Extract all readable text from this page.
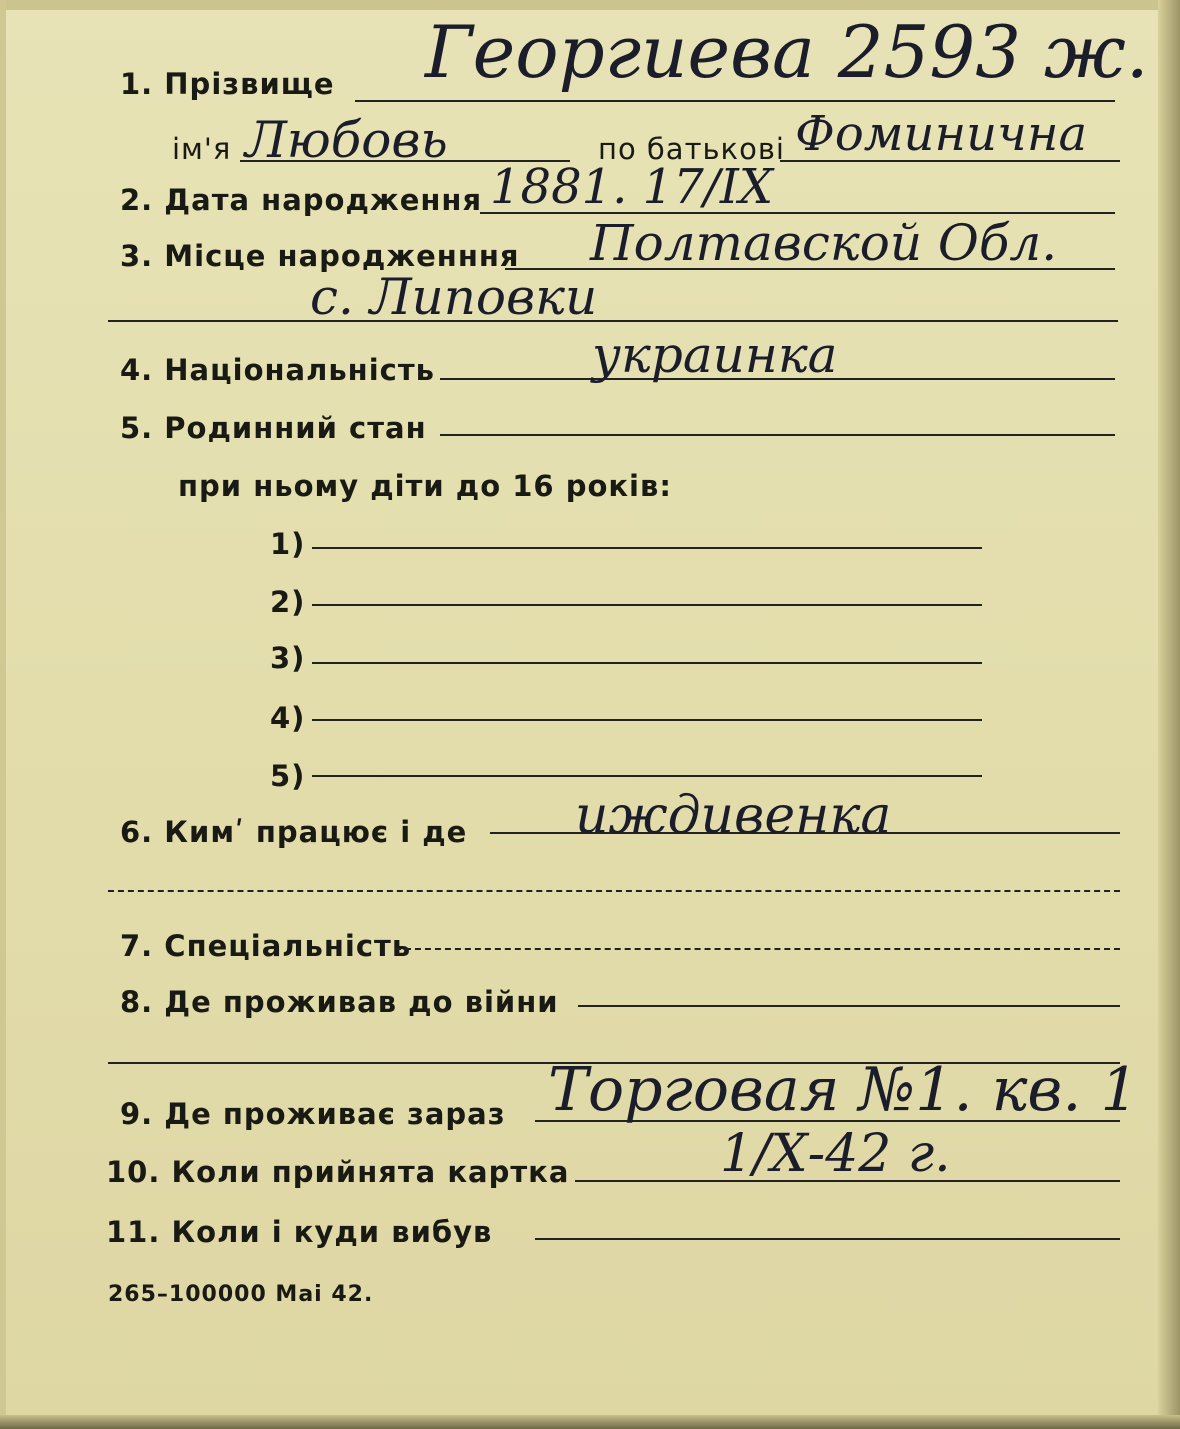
1. Прізвище Георгиева 2593 ж.
ім'я Любовь	по батькові Фоминична
2. Дата народження 1881. 17/IX
3. Місце народженння Полтавской Обл.
с. Липовки
4. Національність	украинка
5. Родинний стан
при ньому діти до 16 років:
1)
2)
3)
4)
5)
6. Кимʹ працює і де иждивенка
7. Спеціальність
8. Де проживав до війни
9. Де проживає зараз Торговая №1. кв. 1
10. Коли прийнята картка	1/Х-42 г.
11. Коли і куди вибув
265–100000 Mai 42.
